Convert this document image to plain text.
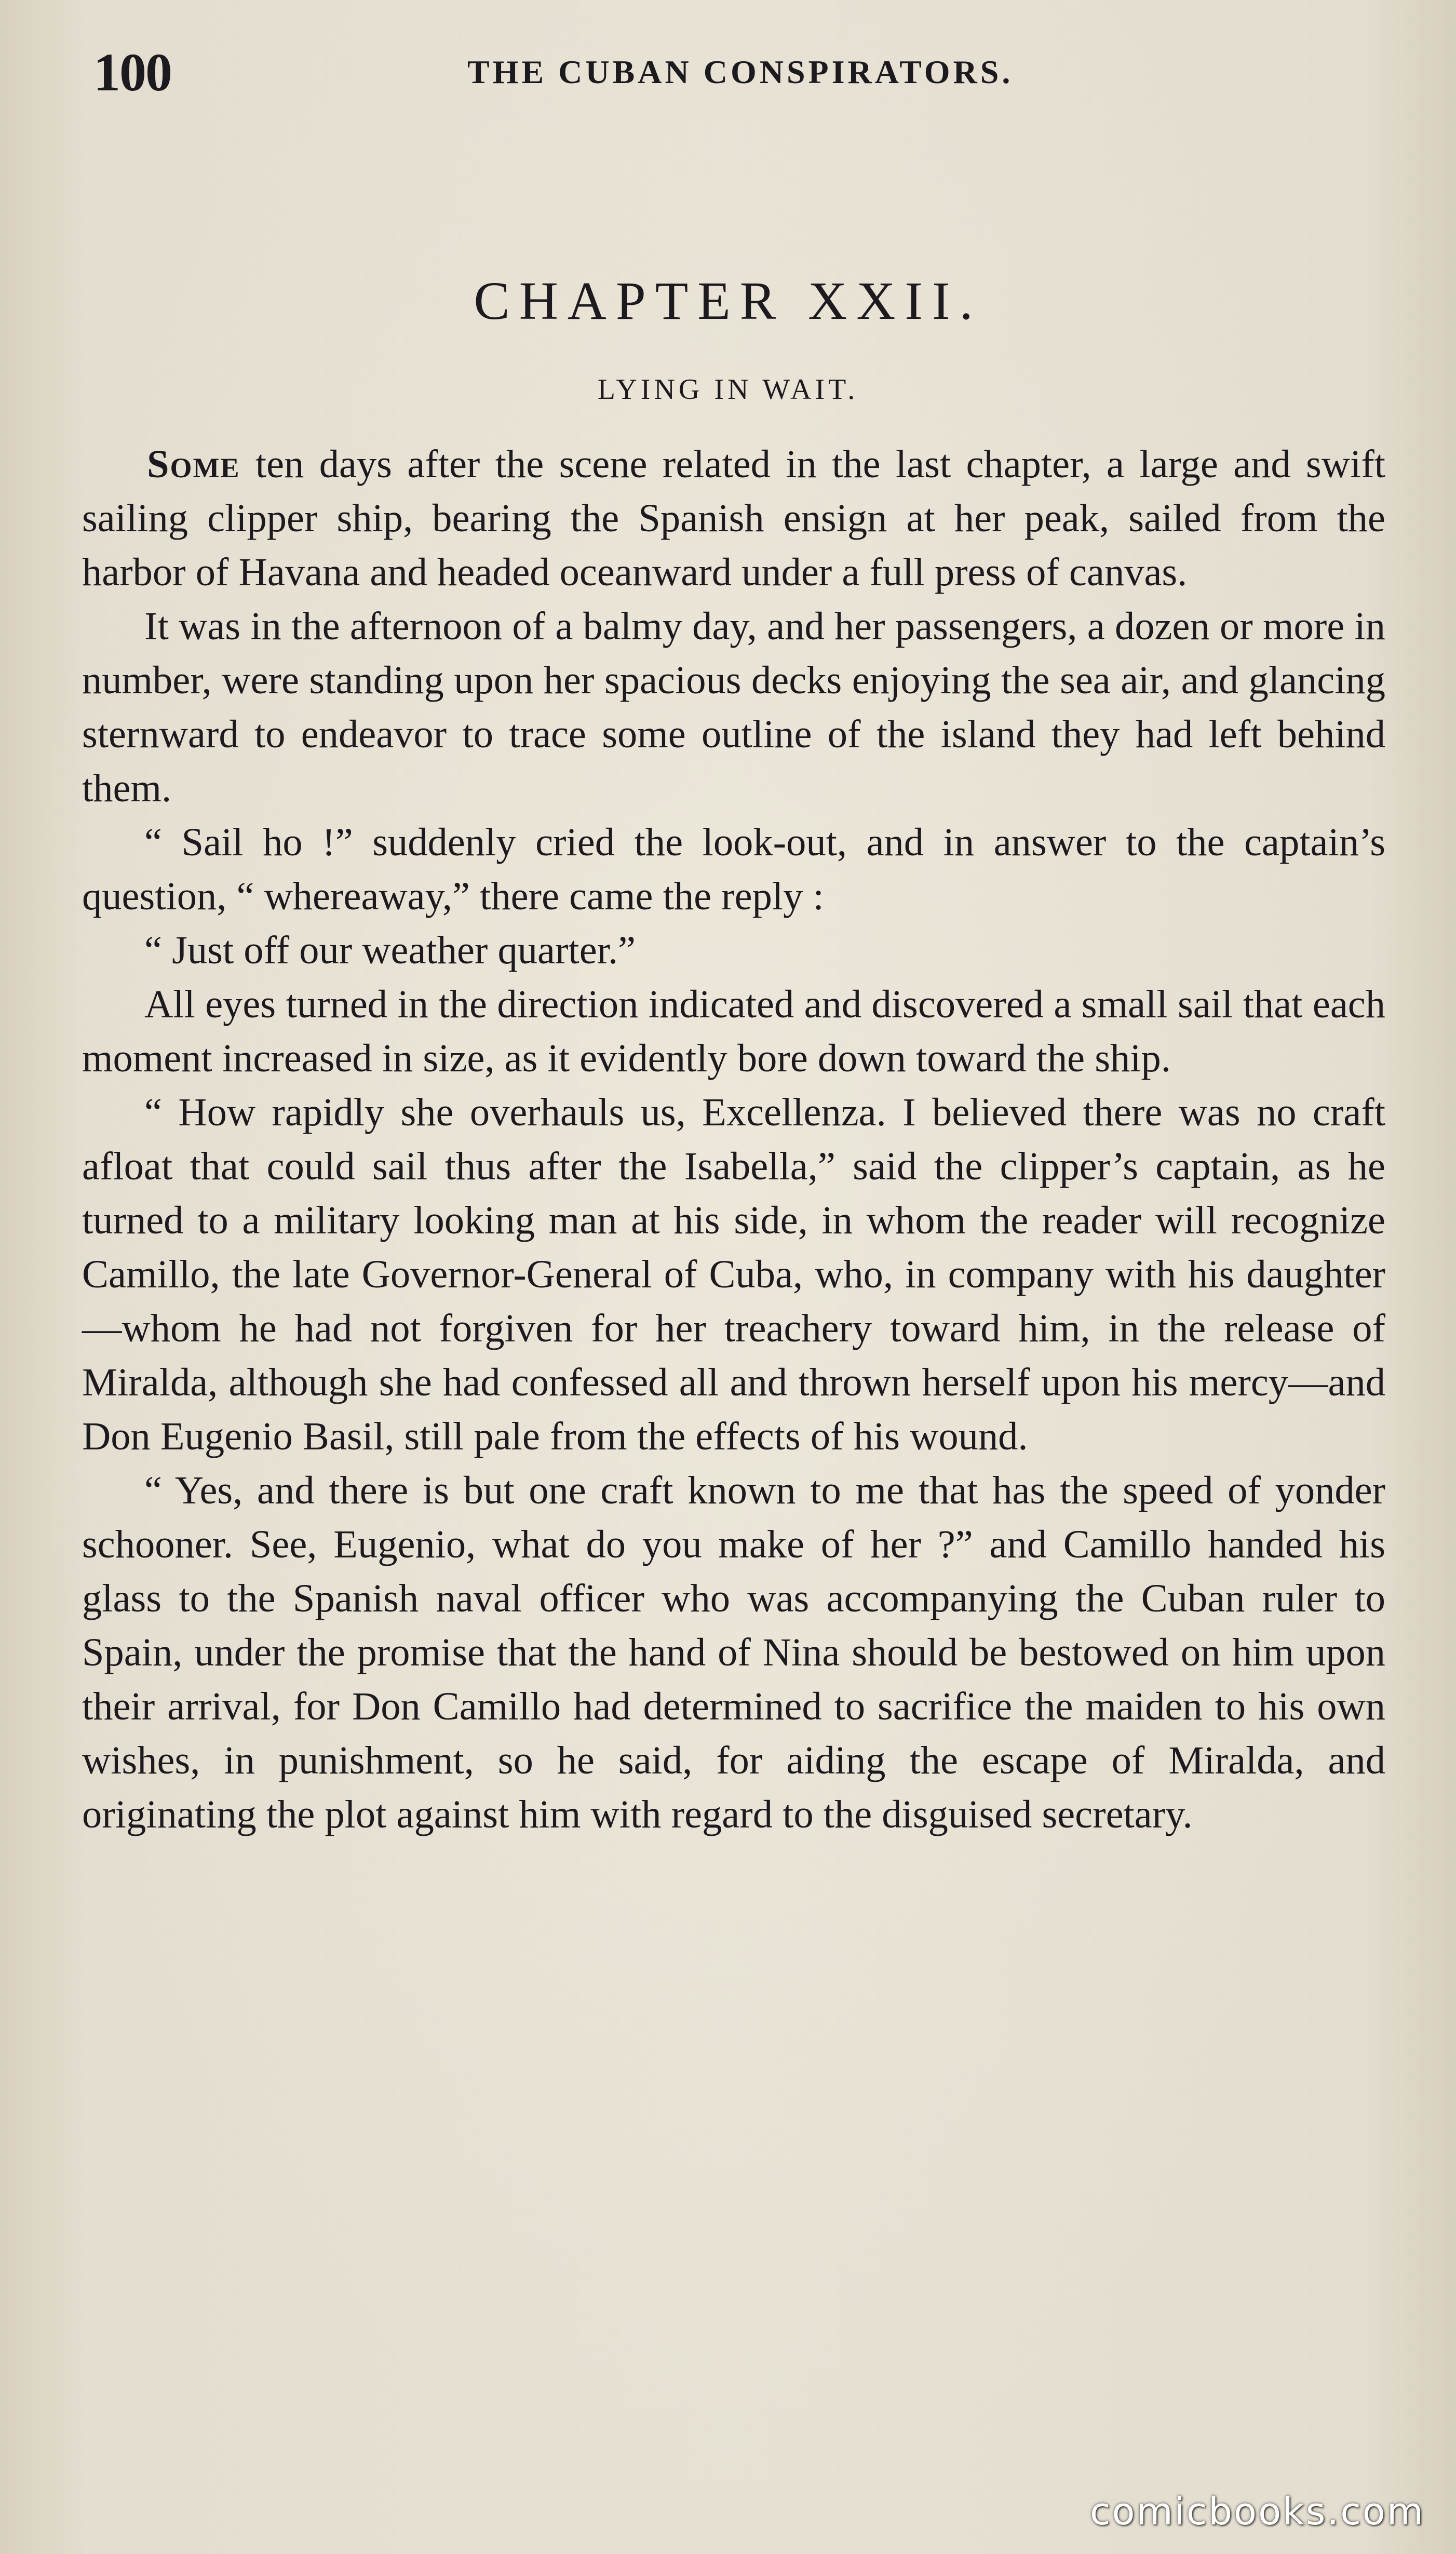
100	THE CUBAN CONSPIRATORS.
CHAPTER XXII.
LYING IN WAIT.

Some ten days after the scene related in the last chapter, a large and swift sailing clipper ship, bearing the Spanish ensign at her peak, sailed from the harbor of Havana and headed oceanward under a full press of canvas.

It was in the afternoon of a balmy day, and her passengers, a dozen or more in number, were standing upon her spacious decks enjoying the sea air, and glancing sternward to endeavor to trace some outline of the island they had left behind them.

“ Sail ho !” suddenly cried the look-out, and in answer to the captain’s question, “ whereaway,” there came the reply :

“ Just off our weather quarter.”

All eyes turned in the direction indicated and discovered a small sail that each moment increased in size, as it evidently bore down toward the ship.

“ How rapidly she overhauls us, Excellenza. I believed there was no craft afloat that could sail thus after the Isabella,” said the clipper’s captain, as he turned to a military looking man at his side, in whom the reader will recognize Camillo, the late Governor-General of Cuba, who, in company with his daughter—whom he had not forgiven for her treachery toward him, in the release of Miralda, although she had confessed all and thrown herself upon his mercy—and Don Eugenio Basil, still pale from the effects of his wound.

“ Yes, and there is but one craft known to me that has the speed of yonder schooner. See, Eugenio, what do you make of her ?” and Camillo handed his glass to the Spanish naval officer who was accompanying the Cuban ruler to Spain, under the promise that the hand of Nina should be bestowed on him upon their arrival, for Don Camillo had determined to sacrifice the maiden to his own wishes, in punishment, so he said, for aiding the escape of Miralda, and originating the plot against him with regard to the disguised secretary.

comicbooks.com
